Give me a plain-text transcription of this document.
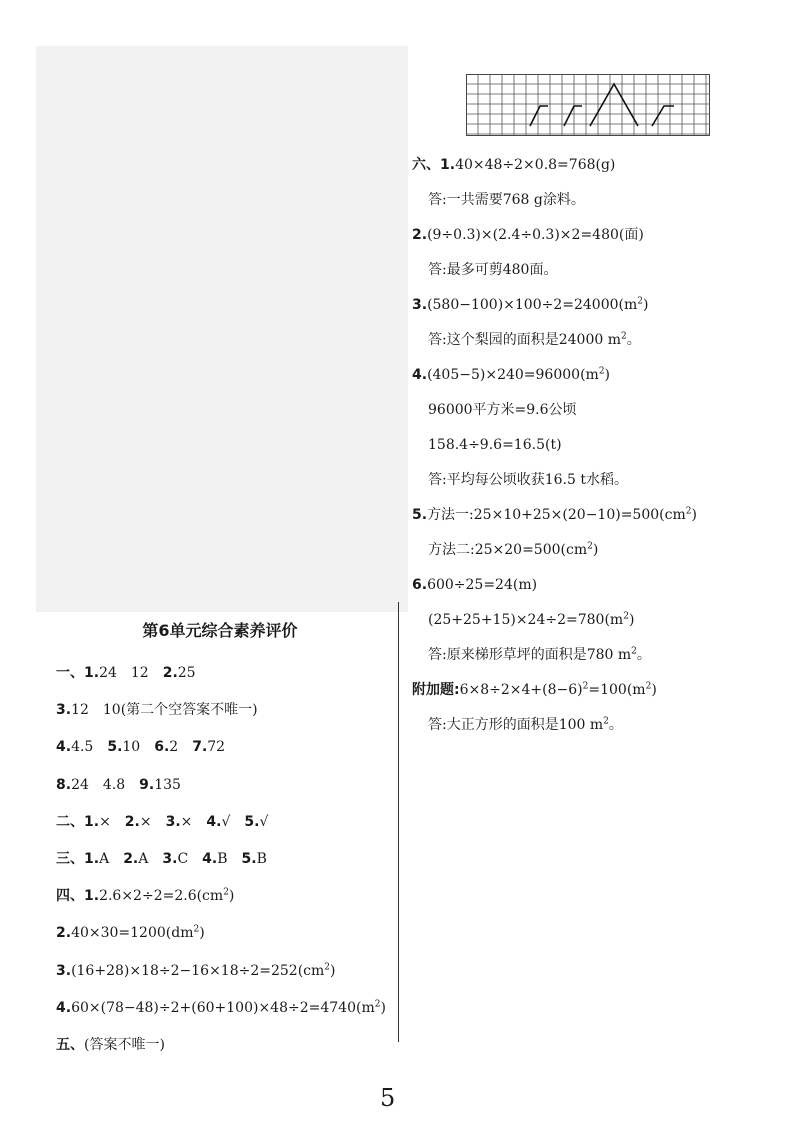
第6单元综合素养评价
一、1.24　12　2.25
3.12　10(第二个空答案不唯一)
4.4.5　5.10　6.2　7.72
8.24　4.8　9.135
二、1.×　2.×　3.×　4.√　5.√
三、1.A　2.A　3.C　4.B　5.B
四、$1.2.6\times 2\div 2=2.6(cm^2)$
$2.40\times 30=1200(dm^2)$
$3.(16+28)\times 18\div 2-16\times 18\div 2=252(cm^2)$
$4.60\times(78-48)\div 2+(60+100)\times 48\div 2=4740(m^2)$
五、(答案不唯一)
六、1.40×48÷2×0.8=768(g)
答:一共需要768 g涂料。
2.(9÷0.3)×(2.4÷0.3)×2=480(面)
答:最多可剪480面。
$3.(580-100)\times 100\div 2=24000(m^2)$
答:这个梨园的面积是24000 $m^2$。
$4.(405-5)\times 240=96000(m^2)$
96000平方米=9.6公顷
158.4÷9.6=16.5(t)
答:平均每公顷收获16.5 t水稻。
5.方法一$:25\times 10+25\times(20-10)=500(cm^2)$
方法二$:25\times 20=500(cm^2)$
6.600÷25=24(m)
$(25+25+15)\times 24\div 2=780(m^2)$
答:原来梯形草坪的面积是780 $m^2$。
附加题$:6\times 8\div 2\times 4+(8-6)^2=100(m^2)$
答:大正方形的面积是100 $m^2$。
5
